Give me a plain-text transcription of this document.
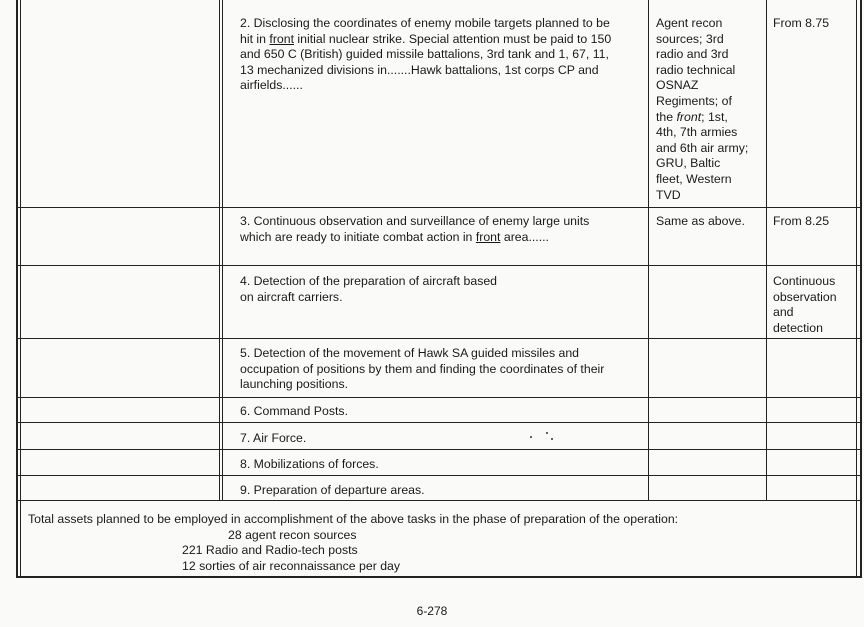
2. Disclosing the coordinates of enemy mobile targets planned to be
hit in front initial nuclear strike. Special attention must be paid to 150
and 650 C (British) guided missile battalions, 3rd tank and 1, 67, 11,
13 mechanized divisions in.......Hawk battalions, 1st corps CP and
airfields......
Agent recon
sources; 3rd
radio and 3rd
radio technical
OSNAZ
Regiments; of
the front; 1st,
4th, 7th armies
and 6th air army;
GRU, Baltic
fleet, Western
TVD
From 8.75
3. Continuous observation and surveillance of enemy large units
which are ready to initiate combat action in front area......
Same as above.	From 8.25
4. Detection of the preparation of aircraft based
on aircraft carriers.
Continuous
observation
and
detection
5. Detection of the movement of Hawk SA guided missiles and
occupation of positions by them and finding the coordinates of their
launching positions.
6. Command Posts.
7. Air Force.
8. Mobilizations of forces.
9. Preparation of departure areas.
Total assets planned to be employed in accomplishment of the above tasks in the phase of preparation of the operation:
28 agent recon sources
221 Radio and Radio-tech posts
12 sorties of air reconnaissance per day
6-278
